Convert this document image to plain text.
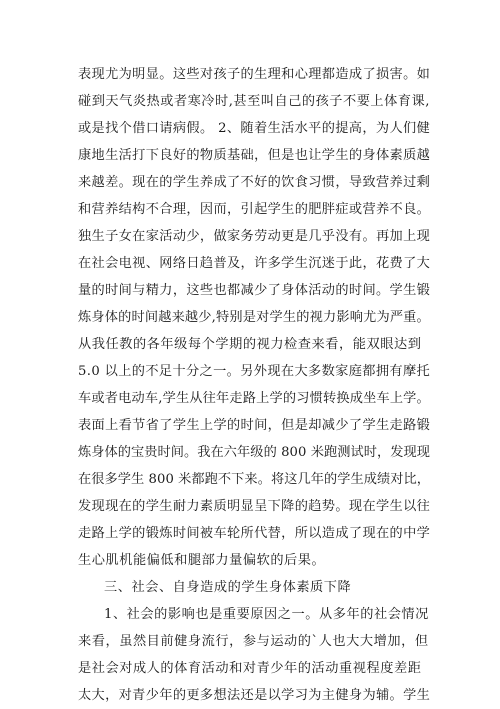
表现尤为明显。这些对孩子的生理和心理都造成了损害。如
碰到天气炎热或者寒冷时,甚至叫自己的孩子不要上体育课,
或是找个借口请病假。 2、随着生活水平的提高，为人们健
康地生活打下良好的物质基础，但是也让学生的身体素质越
来越差。现在的学生养成了不好的饮食习惯，导致营养过剩
和营养结构不合理，因而，引起学生的肥胖症或营养不良。
独生子女在家活动少，做家务劳动更是几乎没有。再加上现
在社会电视、网络日趋普及，许多学生沉迷于此，花费了大
量的时间与精力，这些也都减少了身体活动的时间。学生锻
炼身体的时间越来越少,特别是对学生的视力影响尤为严重。
从我任教的各年级每个学期的视力检查来看，能双眼达到
5.0 以上的不足十分之一。另外现在大多数家庭都拥有摩托
车或者电动车,学生从往年走路上学的习惯转换成坐车上学。
表面上看节省了学生上学的时间，但是却减少了学生走路锻
炼身体的宝贵时间。我在六年级的 800 米跑测试时，发现现
在很多学生 800 米都跑不下来。将这几年的学生成绩对比，
发现现在的学生耐力素质明显呈下降的趋势。现在学生以往
走路上学的锻炼时间被车轮所代替，所以造成了现在的中学
生心肌机能偏低和腿部力量偏软的后果。
三、社会、自身造成的学生身体素质下降
1、社会的影响也是重要原因之一。从多年的社会情况
来看，虽然目前健身流行，参与运动的`人也大大增加，但
是社会对成人的体育活动和对青少年的活动重视程度差距
太大，对青少年的更多想法还是以学习为主健身为辅。学生
